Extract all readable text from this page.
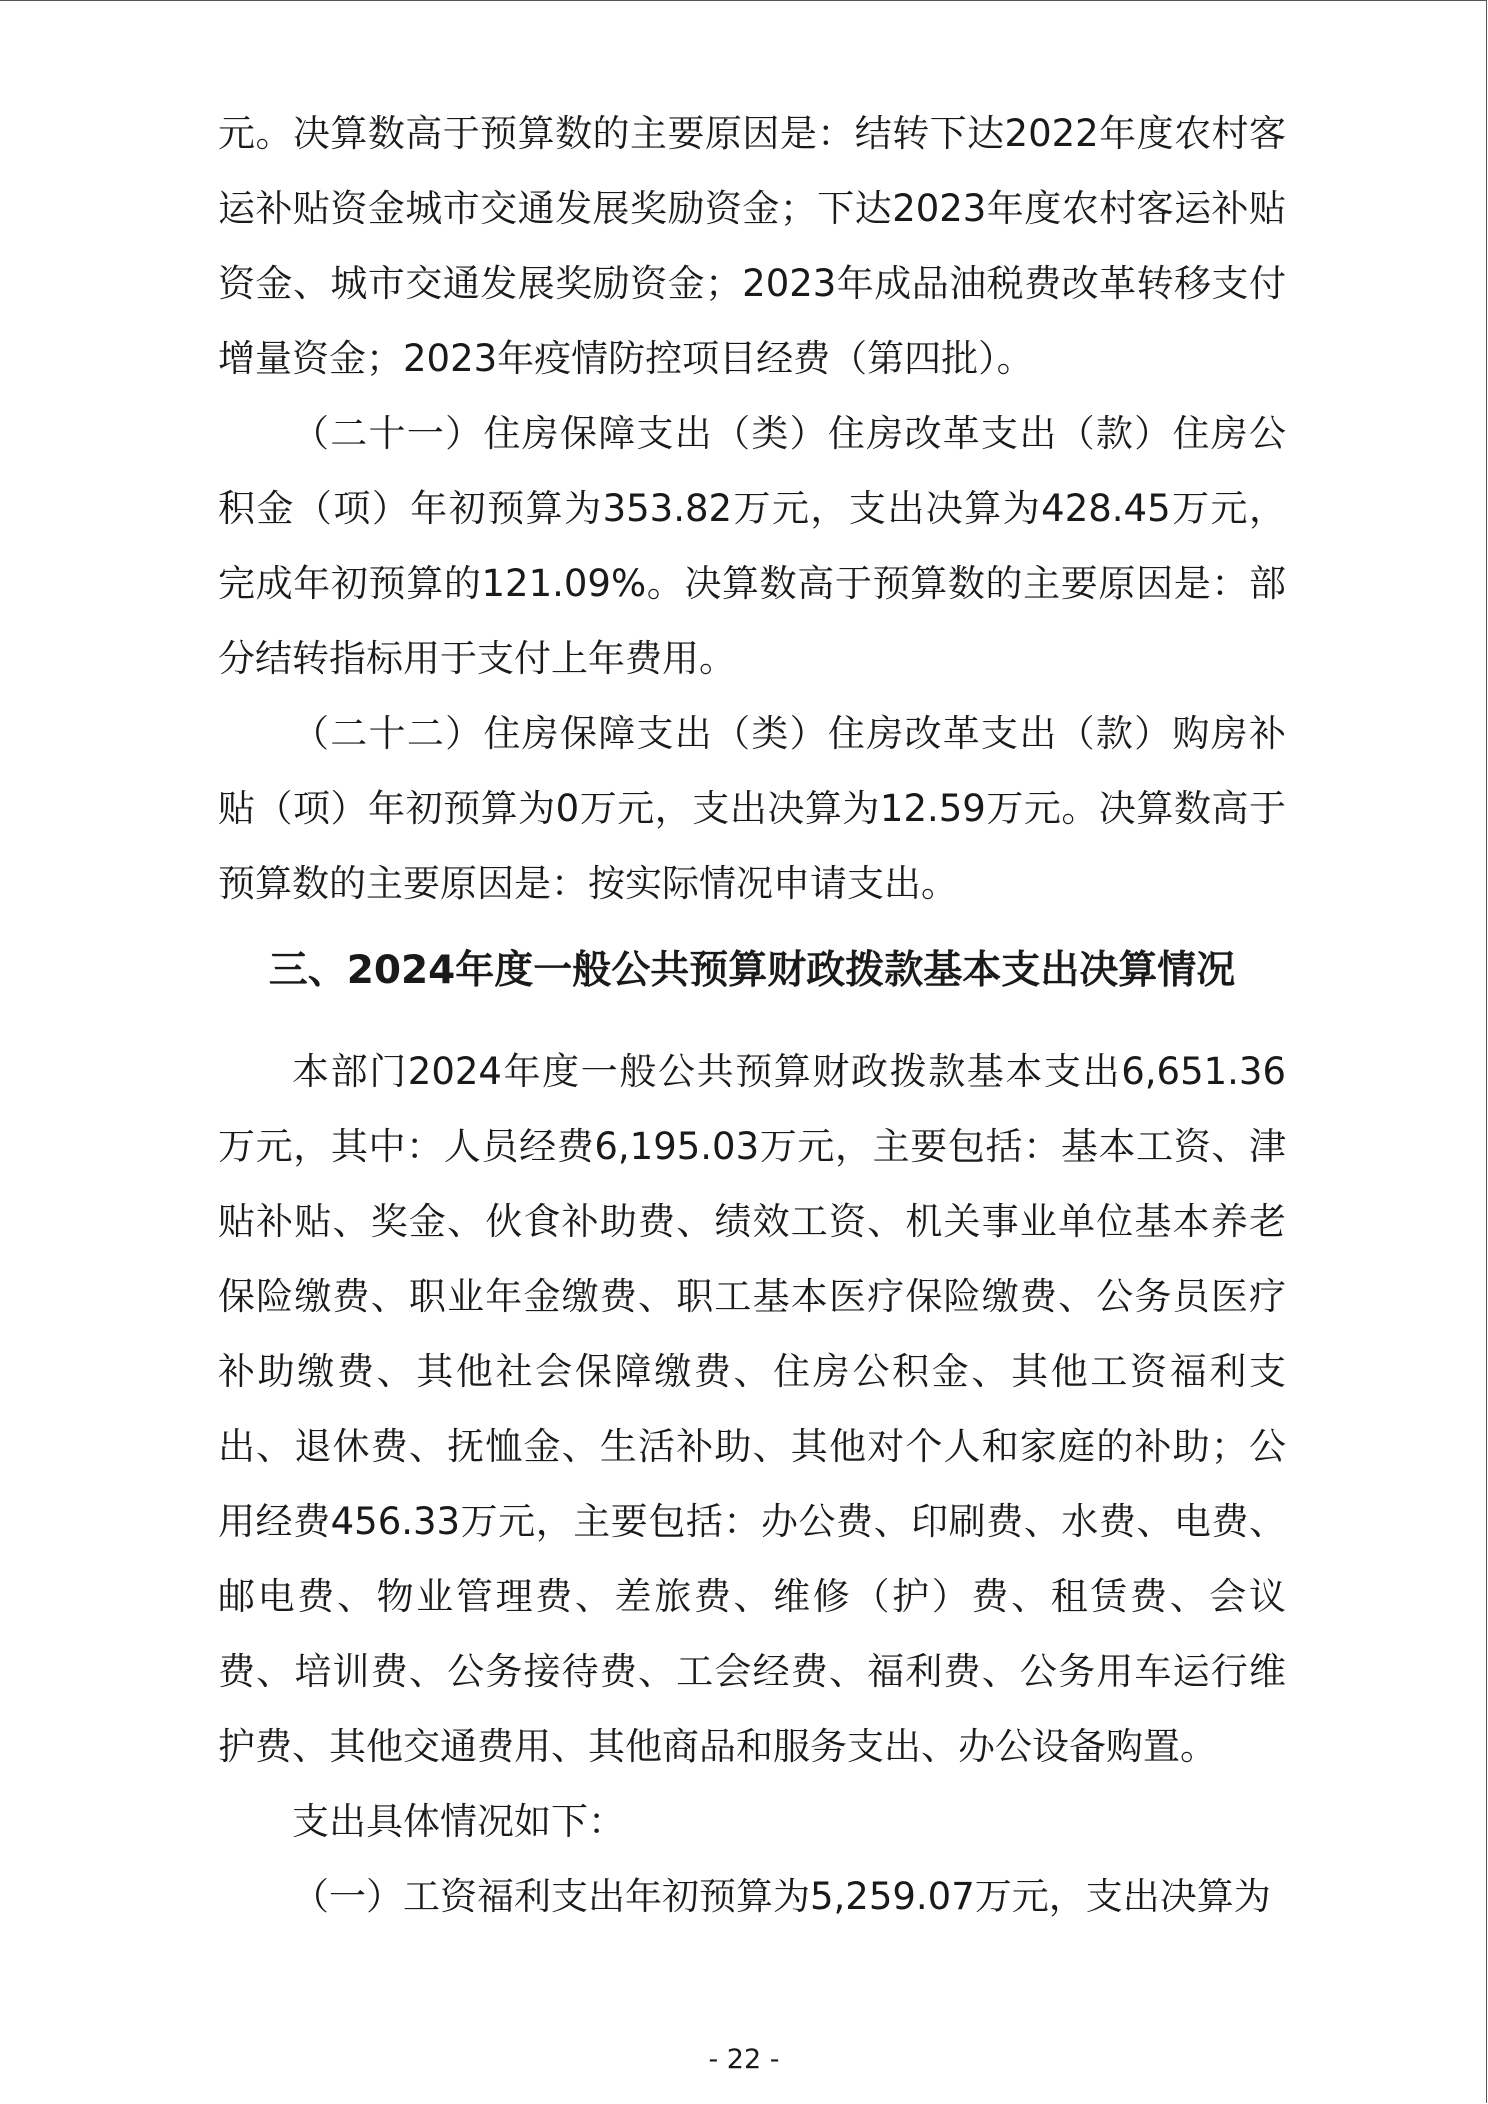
元。决算数高于预算数的主要原因是：结转下达2022年度农村客运补贴资金城市交通发展奖励资金；下达2023年度农村客运补贴资金、城市交通发展奖励资金；2023年成品油税费改革转移支付增量资金；2023年疫情防控项目经费（第四批）。

（二十一）住房保障支出（类）住房改革支出（款）住房公积金（项）年初预算为353.82万元，支出决算为428.45万元，完成年初预算的121.09%。决算数高于预算数的主要原因是：部分结转指标用于支付上年费用。

（二十二）住房保障支出（类）住房改革支出（款）购房补贴（项）年初预算为0万元，支出决算为12.59万元。决算数高于预算数的主要原因是：按实际情况申请支出。

三、2024年度一般公共预算财政拨款基本支出决算情况

本部门2024年度一般公共预算财政拨款基本支出6,651.36万元，其中：人员经费6,195.03万元，主要包括：基本工资、津贴补贴、奖金、伙食补助费、绩效工资、机关事业单位基本养老保险缴费、职业年金缴费、职工基本医疗保险缴费、公务员医疗补助缴费、其他社会保障缴费、住房公积金、其他工资福利支出、退休费、抚恤金、生活补助、其他对个人和家庭的补助；公用经费456.33万元，主要包括：办公费、印刷费、水费、电费、邮电费、物业管理费、差旅费、维修（护）费、租赁费、会议费、培训费、公务接待费、工会经费、福利费、公务用车运行维护费、其他交通费用、其他商品和服务支出、办公设备购置。

支出具体情况如下：

（一）工资福利支出年初预算为5,259.07万元，支出决算为

- 22 -
